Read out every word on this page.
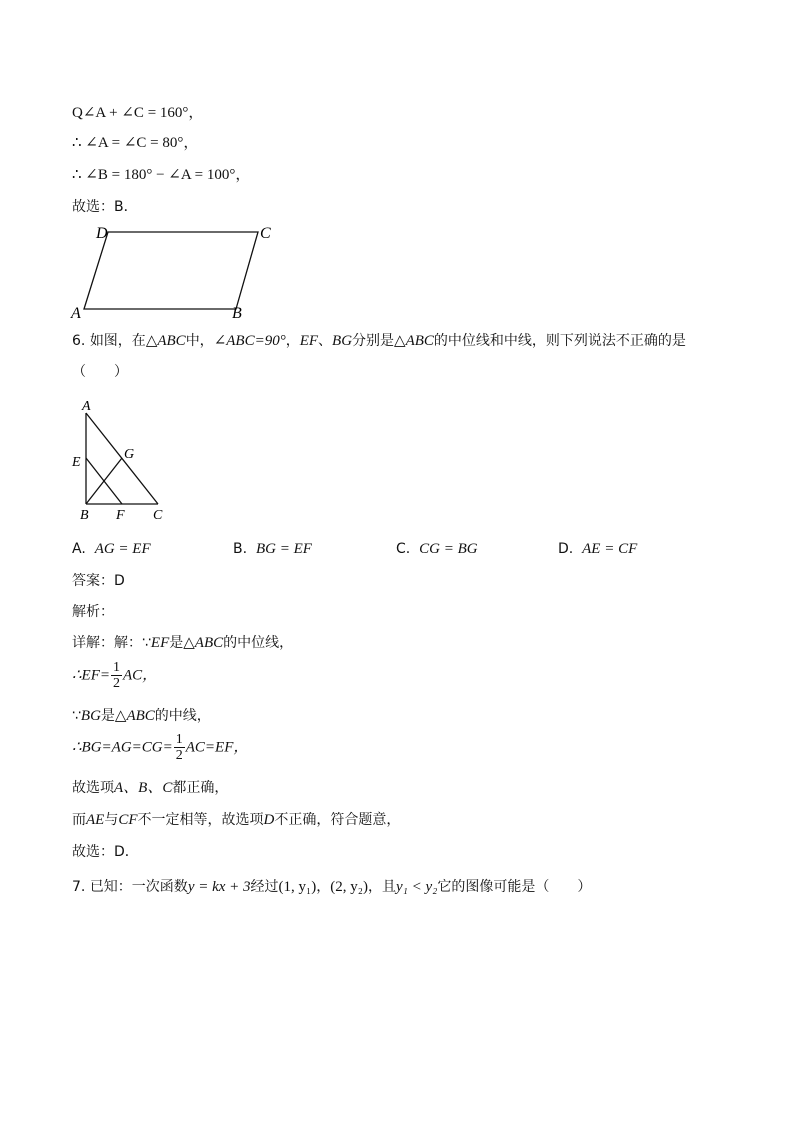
Q∠A + ∠C = 160°，
∴ ∠A = ∠C = 80°，
∴ ∠B = 180° − ∠A = 100°，
故选：B．
D	C
A	B
6. 如图，在△ABC中，∠ABC=90°，EF、BG分别是△ABC的中位线和中线，则下列说法不正确的是
（　　）
A
E
G
B F C
A. AG = EF	B. BG = EF	C. CG = BG	D. AE = CF
答案：D
解析：
详解：解：∵EF是△ABC的中位线，
∴EF= $\frac{1}{2}$ AC，
∵BG是△ABC的中线，
∴BG=AG=CG= $\frac{1}{2} AC=EF$，
故选项A、B、C都正确，
而AE与CF不一定相等，故选项D不正确，符合题意，
故选：D．
7. 已知：一次函数y = kx + 3经过(1, y₁)，(2, y₂)，且y₁ < y₂它的图像可能是（　　）
